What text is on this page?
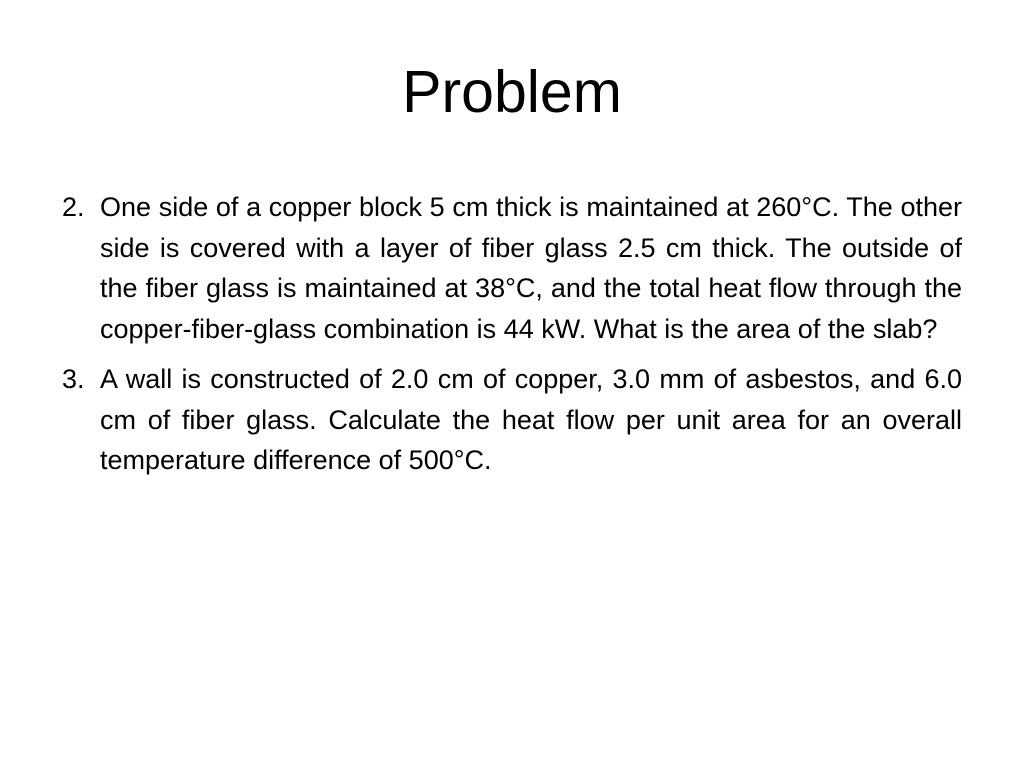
Problem
2. One side of a copper block 5 cm thick is maintained at 260°C. The other side is covered with a layer of fiber glass 2.5 cm thick. The outside of the fiber glass is maintained at 38°C, and the total heat flow through the copper-fiber-glass combination is 44 kW. What is the area of the slab?
3. A wall is constructed of 2.0 cm of copper, 3.0 mm of asbestos, and 6.0 cm of fiber glass. Calculate the heat flow per unit area for an overall temperature difference of 500°C.
